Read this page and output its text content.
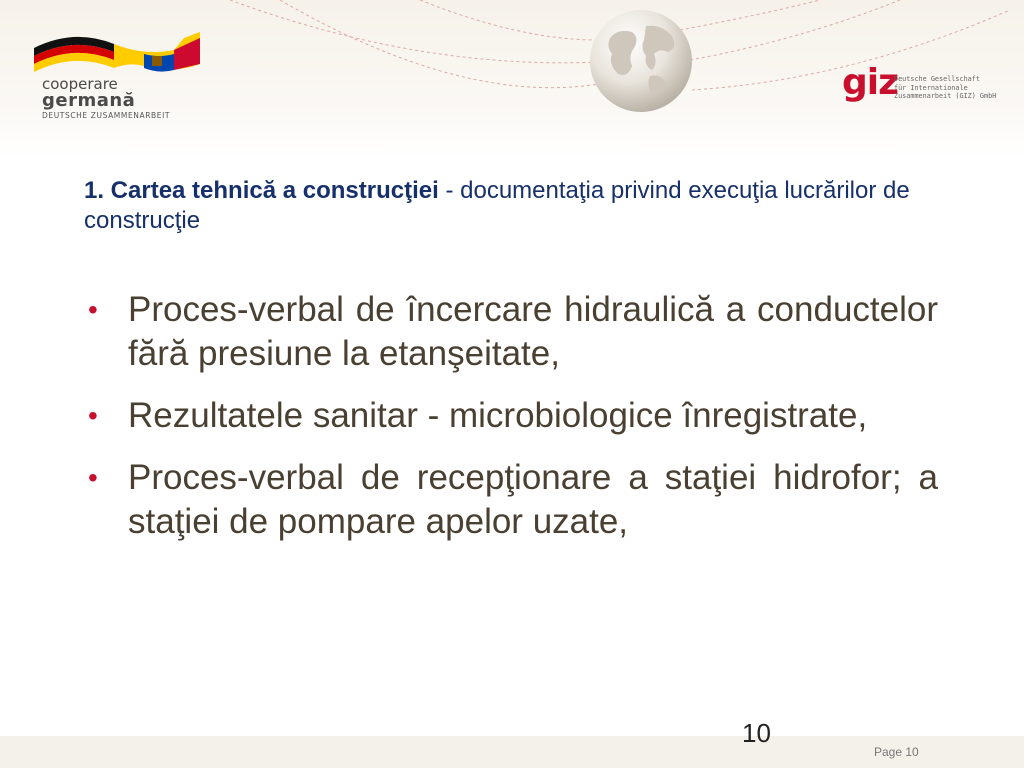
cooperare
germană
DEUTSCHE ZUSAMMENARBEIT
giz
Deutsche Gesellschaft
für Internationale
Zusammenarbeit (GIZ) GmbH
1. Cartea tehnică a construcţiei - documentaţia privind execuţia lucrărilor de construcţie
• Proces-verbal de încercare hidraulică a conductelor fără presiune la etanşeitate,
• Rezultatele sanitar - microbiologice înregistrate,
• Proces-verbal de recepţionare a staţiei hidrofor; a staţiei de pompare apelor uzate,
10
Page 10
